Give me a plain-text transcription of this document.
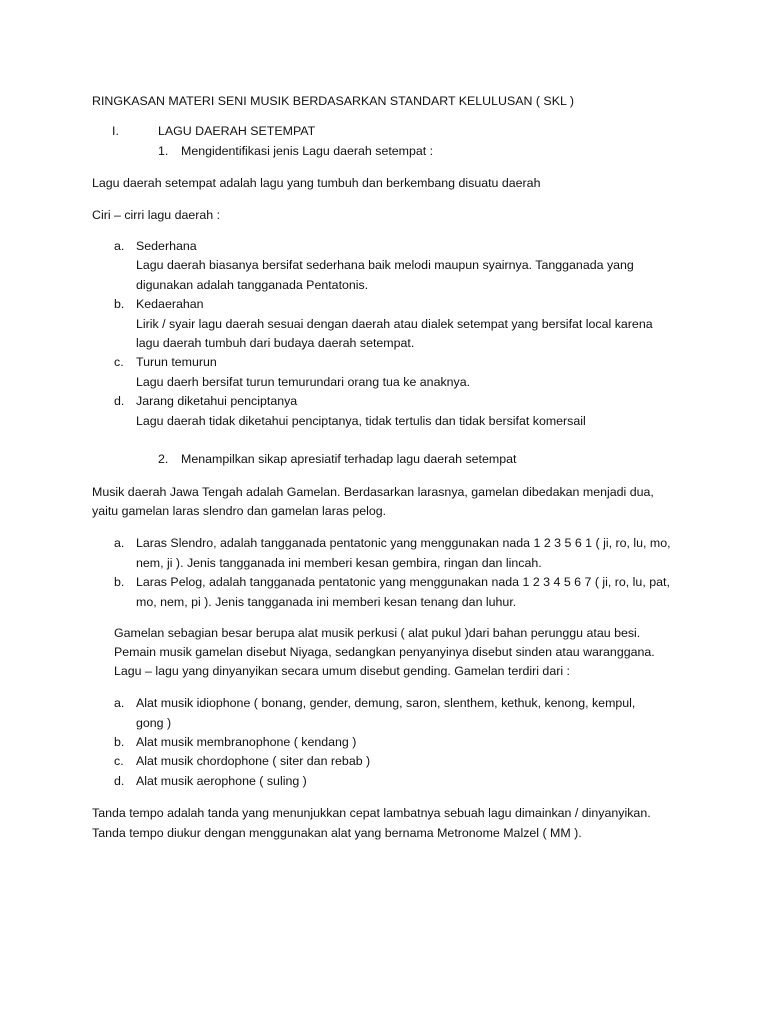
RINGKASAN MATERI SENI MUSIK BERDASARKAN STANDART KELULUSAN ( SKL )
I.	LAGU DAERAH SETEMPAT
1. Mengidentifikasi jenis Lagu daerah setempat :
Lagu daerah setempat adalah lagu yang tumbuh dan berkembang disuatu daerah
Ciri – cirri lagu daerah :
a. Sederhana
Lagu daerah biasanya bersifat sederhana baik melodi maupun syairnya. Tangganada yang
digunakan adalah tangganada Pentatonis.
b. Kedaerahan
Lirik / syair lagu daerah sesuai dengan daerah atau dialek setempat yang bersifat local karena
lagu daerah tumbuh dari budaya daerah setempat.
c. Turun temurun
Lagu daerh bersifat turun temurundari orang tua ke anaknya.
d. Jarang diketahui penciptanya
Lagu daerah tidak diketahui penciptanya, tidak tertulis dan tidak bersifat komersail
2. Menampilkan sikap apresiatif terhadap lagu daerah setempat
Musik daerah Jawa Tengah adalah Gamelan. Berdasarkan larasnya, gamelan dibedakan menjadi dua,
yaitu gamelan laras slendro dan gamelan laras pelog.
a. Laras Slendro, adalah tangganada pentatonic yang menggunakan nada 1 2 3 5 6 1 ( ji, ro, lu, mo,
nem, ji ). Jenis tangganada ini memberi kesan gembira, ringan dan lincah.
b. Laras Pelog, adalah tangganada pentatonic yang menggunakan nada 1 2 3 4 5 6 7 ( ji, ro, lu, pat,
mo, nem, pi ). Jenis tangganada ini memberi kesan tenang dan luhur.
Gamelan sebagian besar berupa alat musik perkusi ( alat pukul )dari bahan perunggu atau besi.
Pemain musik gamelan disebut Niyaga, sedangkan penyanyinya disebut sinden atau waranggana.
Lagu – lagu yang dinyanyikan secara umum disebut gending. Gamelan terdiri dari :
a. Alat musik idiophone ( bonang, gender, demung, saron, slenthem, kethuk, kenong, kempul,
gong )
b. Alat musik membranophone ( kendang )
c. Alat musik chordophone ( siter dan rebab )
d. Alat musik aerophone ( suling )
Tanda tempo adalah tanda yang menunjukkan cepat lambatnya sebuah lagu dimainkan / dinyanyikan.
Tanda tempo diukur dengan menggunakan alat yang bernama Metronome Malzel ( MM ).
